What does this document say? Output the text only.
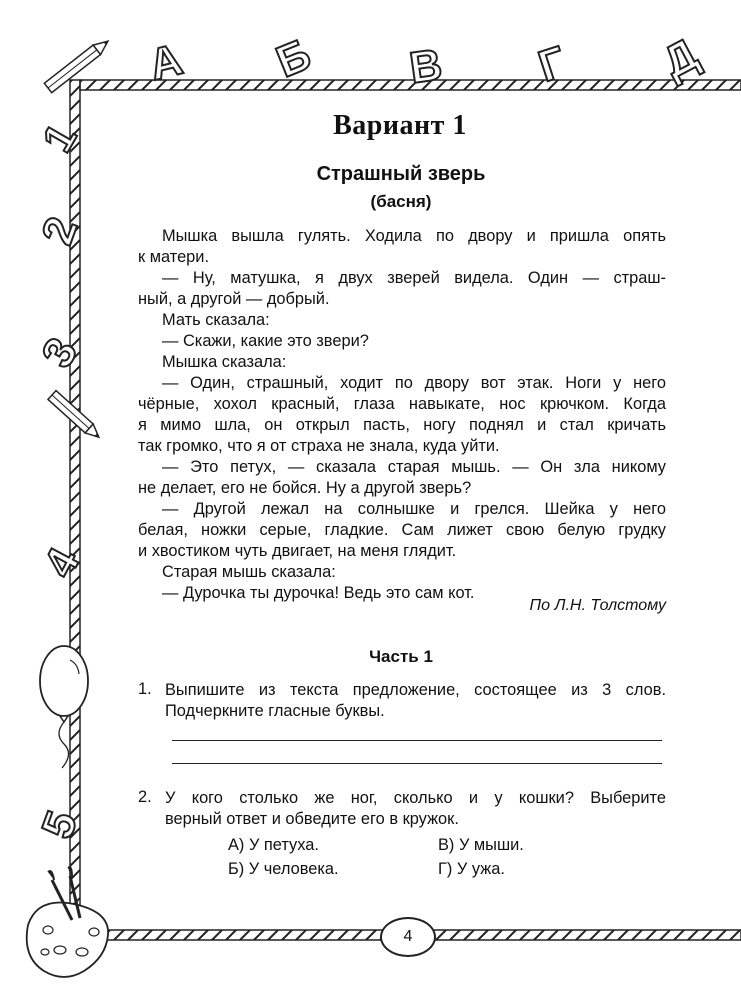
А Б В Г Д
1
2
3
4
5
Вариант 1
Страшный зверь
(басня)
Мышка вышла гулять. Ходила по двору и пришла опять
к матери.
— Ну, матушка, я двух зверей видела. Один — страш-
ный, а другой — добрый.
Мать сказала:
— Скажи, какие это звери?
Мышка сказала:
— Один, страшный, ходит по двору вот этак. Ноги у него
чёрные, хохол красный, глаза навыкате, нос крючком. Когда
я мимо шла, он открыл пасть, ногу поднял и стал кричать
так громко, что я от страха не знала, куда уйти.
— Это петух, — сказала старая мышь. — Он зла никому
не делает, его не бойся. Ну а другой зверь?
— Другой лежал на солнышке и грелся. Шейка у него
белая, ножки серые, гладкие. Сам лижет свою белую грудку
и хвостиком чуть двигает, на меня глядит.
Старая мышь сказала:
— Дурочка ты дурочка! Ведь это сам кот.
По Л.Н. Толстому
Часть 1
1. Выпишите из текста предложение, состоящее из 3 слов.
Подчеркните гласные буквы.
2. У кого столько же ног, сколько и у кошки? Выберите
верный ответ и обведите его в кружок.
А) У петуха.	В) У мыши.
Б) У человека.	Г) У ужа.
4
